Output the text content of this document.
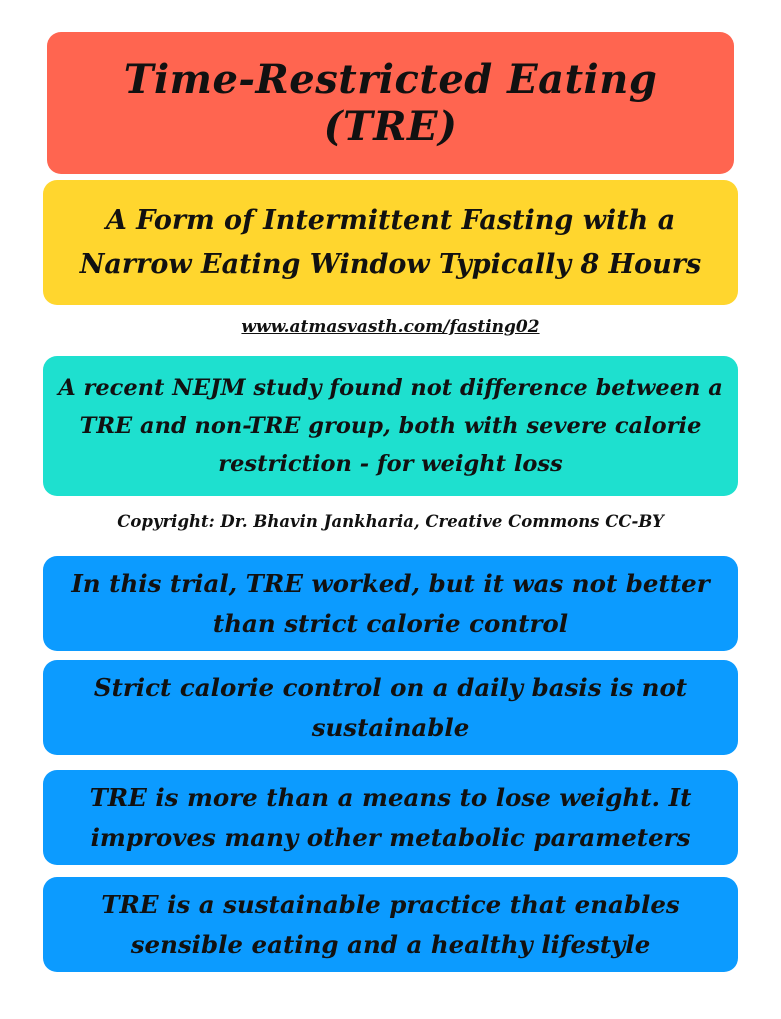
Time-Restricted Eating (TRE)
A Form of Intermittent Fasting with a Narrow Eating Window Typically 8 Hours
www.atmasvasth.com/fasting02
A recent NEJM study found not difference between a TRE and non-TRE group, both with severe calorie restriction - for weight loss
Copyright: Dr. Bhavin Jankharia, Creative Commons CC-BY
In this trial, TRE worked, but it was not better than strict calorie control
Strict calorie control on a daily basis is not sustainable
TRE is more than a means to lose weight. It improves many other metabolic parameters
TRE is a sustainable practice that enables sensible eating and a healthy lifestyle
